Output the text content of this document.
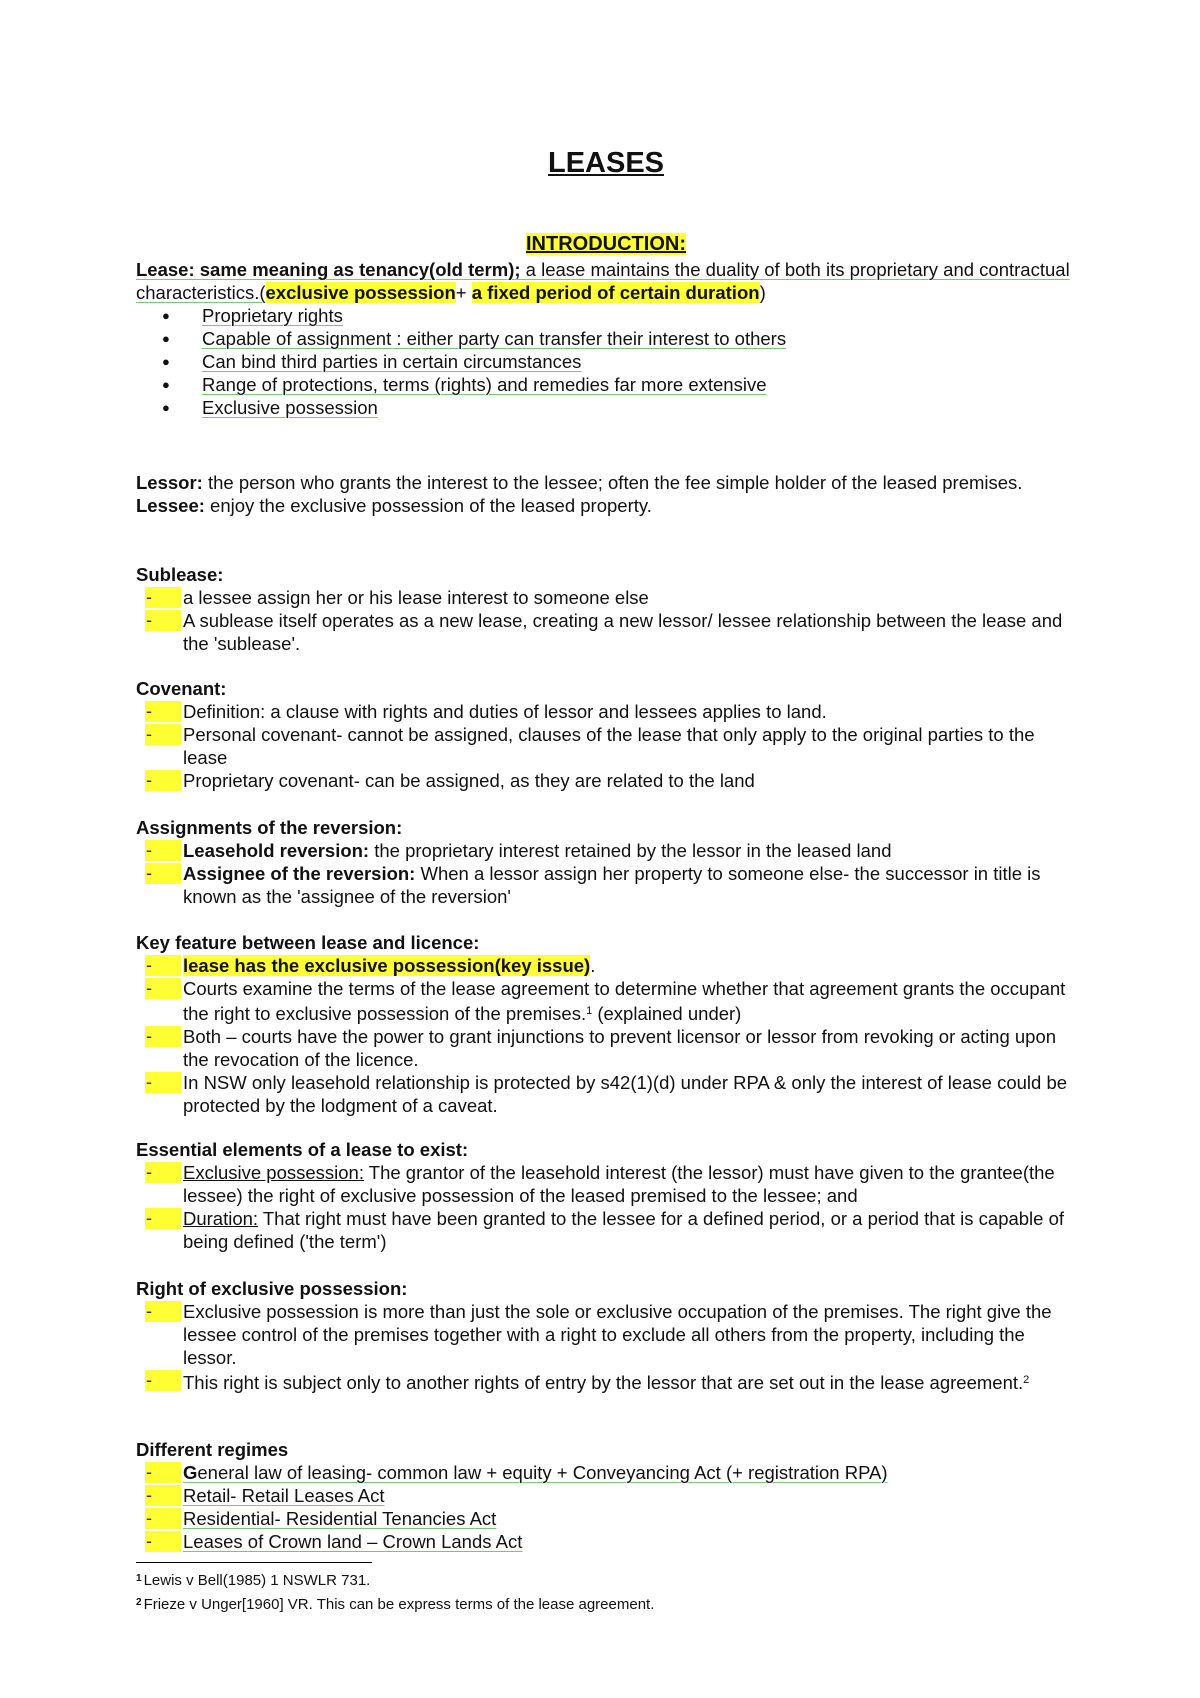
LEASES
INTRODUCTION:

Lease: same meaning as tenancy(old term); a lease maintains the duality of both its proprietary and contractual characteristics.(exclusive possession+ a fixed period of certain duration)

● Proprietary rights
● Capable of assignment : either party can transfer their interest to others
● Can bind third parties in certain circumstances
● Range of protections, terms (rights) and remedies far more extensive
● Exclusive possession

Lessor: the person who grants the interest to the lessee; often the fee simple holder of the leased premises.

Lessee: enjoy the exclusive possession of the leased property.

Sublease:

-	a lessee assign her or his lease interest to someone else
-	A sublease itself operates as a new lease, creating a new lessor/ lessee relationship between the lease and the 'sublease'.

Covenant:

-	Definition: a clause with rights and duties of lessor and lessees applies to land.
-	Personal covenant- cannot be assigned, clauses of the lease that only apply to the original parties to the lease
-	Proprietary covenant- can be assigned, as they are related to the land

Assignments of the reversion:

-	Leasehold reversion: the proprietary interest retained by the lessor in the leased land
-	Assignee of the reversion: When a lessor assign her property to someone else- the successor in title is known as the 'assignee of the reversion'

Key feature between lease and licence:

-	lease has the exclusive possession(key issue).
-	Courts examine the terms of the lease agreement to determine whether that agreement grants the occupant the right to exclusive possession of the premises.$^1$ (explained under)
-	Both – courts have the power to grant injunctions to prevent licensor or lessor from revoking or acting upon the revocation of the licence.
-	In NSW only leasehold relationship is protected by s42(1)(d) under RPA & only the interest of lease could be protected by the lodgment of a caveat.

Essential elements of a lease to exist:

-	Exclusive possession: The grantor of the leasehold interest (the lessor) must have given to the grantee(the lessee) the right of exclusive possession of the leased premised to the lessee; and
-	Duration: That right must have been granted to the lessee for a defined period, or a period that is capable of being defined ('the term')

Right of exclusive possession:

-	Exclusive possession is more than just the sole or exclusive occupation of the premises. The right give the lessee control of the premises together with a right to exclude all others from the property, including the lessor.
-	This right is subject only to another rights of entry by the lessor that are set out in the lease agreement.$^2$

Different regimes

-	General law of leasing- common law + equity + Conveyancing Act (+ registration RPA)
-	Retail- Retail Leases Act
-	Residential- Residential Tenancies Act
-	Leases of Crown land – Crown Lands Act
$^1$ Lewis v Bell(1985) 1 NSWLR 731.
$^2$ Frieze v Unger[1960] VR. This can be express terms of the lease agreement.
